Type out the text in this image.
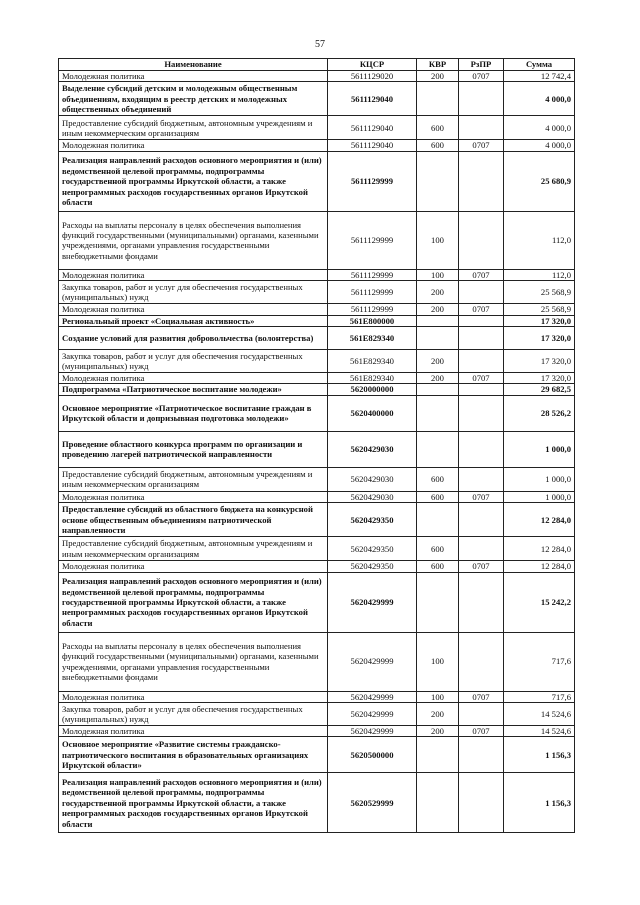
57
Наименование	КЦСР	КВР	РзПР	Сумма
Молодежная политика	5611129020	200	0707	12 742,4
Выделение субсидий детским и молодежным общественным объединениям, входящим в реестр детских и молодежных общественных объединений	5611129040			4 000,0
Предоставление субсидий бюджетным, автономным учреждениям и иным некоммерческим организациям	5611129040	600		4 000,0
Молодежная политика	5611129040	600	0707	4 000,0
Реализация направлений расходов основного мероприятия и (или) ведомственной целевой программы, подпрограммы государственной программы Иркутской области, а также непрограммных расходов государственных органов Иркутской области	5611129999			25 680,9
Расходы на выплаты персоналу в целях обеспечения выполнения функций государственными (муниципальными) органами, казенными учреждениями, органами управления государственными внебюджетными фондами	5611129999	100		112,0
Молодежная политика	5611129999	100	0707	112,0
Закупка товаров, работ и услуг для обеспечения государственных (муниципальных) нужд	5611129999	200		25 568,9
Молодежная политика	5611129999	200	0707	25 568,9
Региональный проект «Социальная активность»	561E800000			17 320,0
Создание условий для развития добровольчества (волонтерства)	561E829340			17 320,0
Закупка товаров, работ и услуг для обеспечения государственных (муниципальных) нужд	561E829340	200		17 320,0
Молодежная политика	561E829340	200	0707	17 320,0
Подпрограмма «Патриотическое воспитание молодежи»	5620000000			29 682,5
Основное мероприятие «Патриотическое воспитание граждан в Иркутской области и допризывная подготовка молодежи»	5620400000			28 526,2
Проведение областного конкурса программ по организации и проведению лагерей патриотической направленности	5620429030			1 000,0
Предоставление субсидий бюджетным, автономным учреждениям и иным некоммерческим организациям	5620429030	600		1 000,0
Молодежная политика	5620429030	600	0707	1 000,0
Предоставление субсидий из областного бюджета на конкурсной основе общественным объединениям патриотической направленности	5620429350			12 284,0
Предоставление субсидий бюджетным, автономным учреждениям и иным некоммерческим организациям	5620429350	600		12 284,0
Молодежная политика	5620429350	600	0707	12 284,0
Реализация направлений расходов основного мероприятия и (или) ведомственной целевой программы, подпрограммы государственной программы Иркутской области, а также непрограммных расходов государственных органов Иркутской области	5620429999			15 242,2
Расходы на выплаты персоналу в целях обеспечения выполнения функций государственными (муниципальными) органами, казенными учреждениями, органами управления государственными внебюджетными фондами	5620429999	100		717,6
Молодежная политика	5620429999	100	0707	717,6
Закупка товаров, работ и услуг для обеспечения государственных (муниципальных) нужд	5620429999	200		14 524,6
Молодежная политика	5620429999	200	0707	14 524,6
Основное мероприятие «Развитие системы гражданско-патриотического воспитания в образовательных организациях Иркутской области»	5620500000			1 156,3
Реализация направлений расходов основного мероприятия и (или) ведомственной целевой программы, подпрограммы государственной программы Иркутской области, а также непрограммных расходов государственных органов Иркутской области	5620529999			1 156,3
